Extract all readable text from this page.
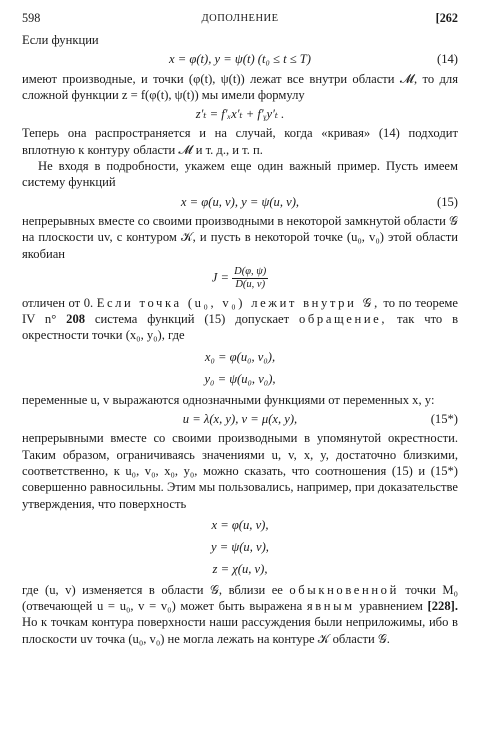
598	ДОПОЛНЕНИЕ	[262

Если функции

x = φ(t), y = ψ(t) (t₀ ≤ t ≤ T)	(14)

имеют производные, и точки (φ(t), ψ(t)) лежат все внутри области 𝓜, то для сложной функции z = f(φ(t), ψ(t)) мы имели формулу

z′ₜ = f′ₓx′ₜ + f′ᵧy′ₜ .

Теперь она распространяется и на случай, когда «кривая» (14) подходит вплотную к контуру области 𝓜 и т. д., и т. п.

Не входя в подробности, укажем еще один важный пример. Пусть имеем систему функций

x = φ(u, v), y = ψ(u, v),	(15)

непрерывных вместе со своими производными в некоторой замкнутой области 𝒢 на плоскости uv, с контуром 𝒦, и пусть в некоторой точке (u₀, v₀) этой области якобиан

$J = \frac{D(\varphi, \psi)}{D(u, v)}$

отличен от 0. Если точка (u₀, v₀) лежит внутри 𝒢, то по теореме IV n° 208 система функций (15) допускает обращение, так что в окрестности точки (x₀, y₀), где

x₀ = φ(u₀, v₀),
y₀ = ψ(u₀, v₀),

переменные u, v выражаются однозначными функциями от переменных x, y:

u = λ(x, y), v = μ(x, y),	(15*)

непрерывными вместе со своими производными в упомянутой окрестности. Таким образом, ограничиваясь значениями u, v, x, y, достаточно близкими, соответственно, к u₀, v₀, x₀, y₀, можно сказать, что соотношения (15) и (15*) совершенно равносильны. Этим мы пользовались, например, при доказательстве утверждения, что поверхность

x = φ(u, v),
y = ψ(u, v),
z = χ(u, v),

где (u, v) изменяется в области 𝒢, вблизи ее обыкновенной точки M₀ (отвечающей u = u₀, v = v₀) может быть выражена явным уравнением [228]. Но к точкам контура поверхности наши рассуждения были неприложимы, ибо в плоскости uv точка (u₀, v₀) не могла лежать на контуре 𝒦 области 𝒢.
